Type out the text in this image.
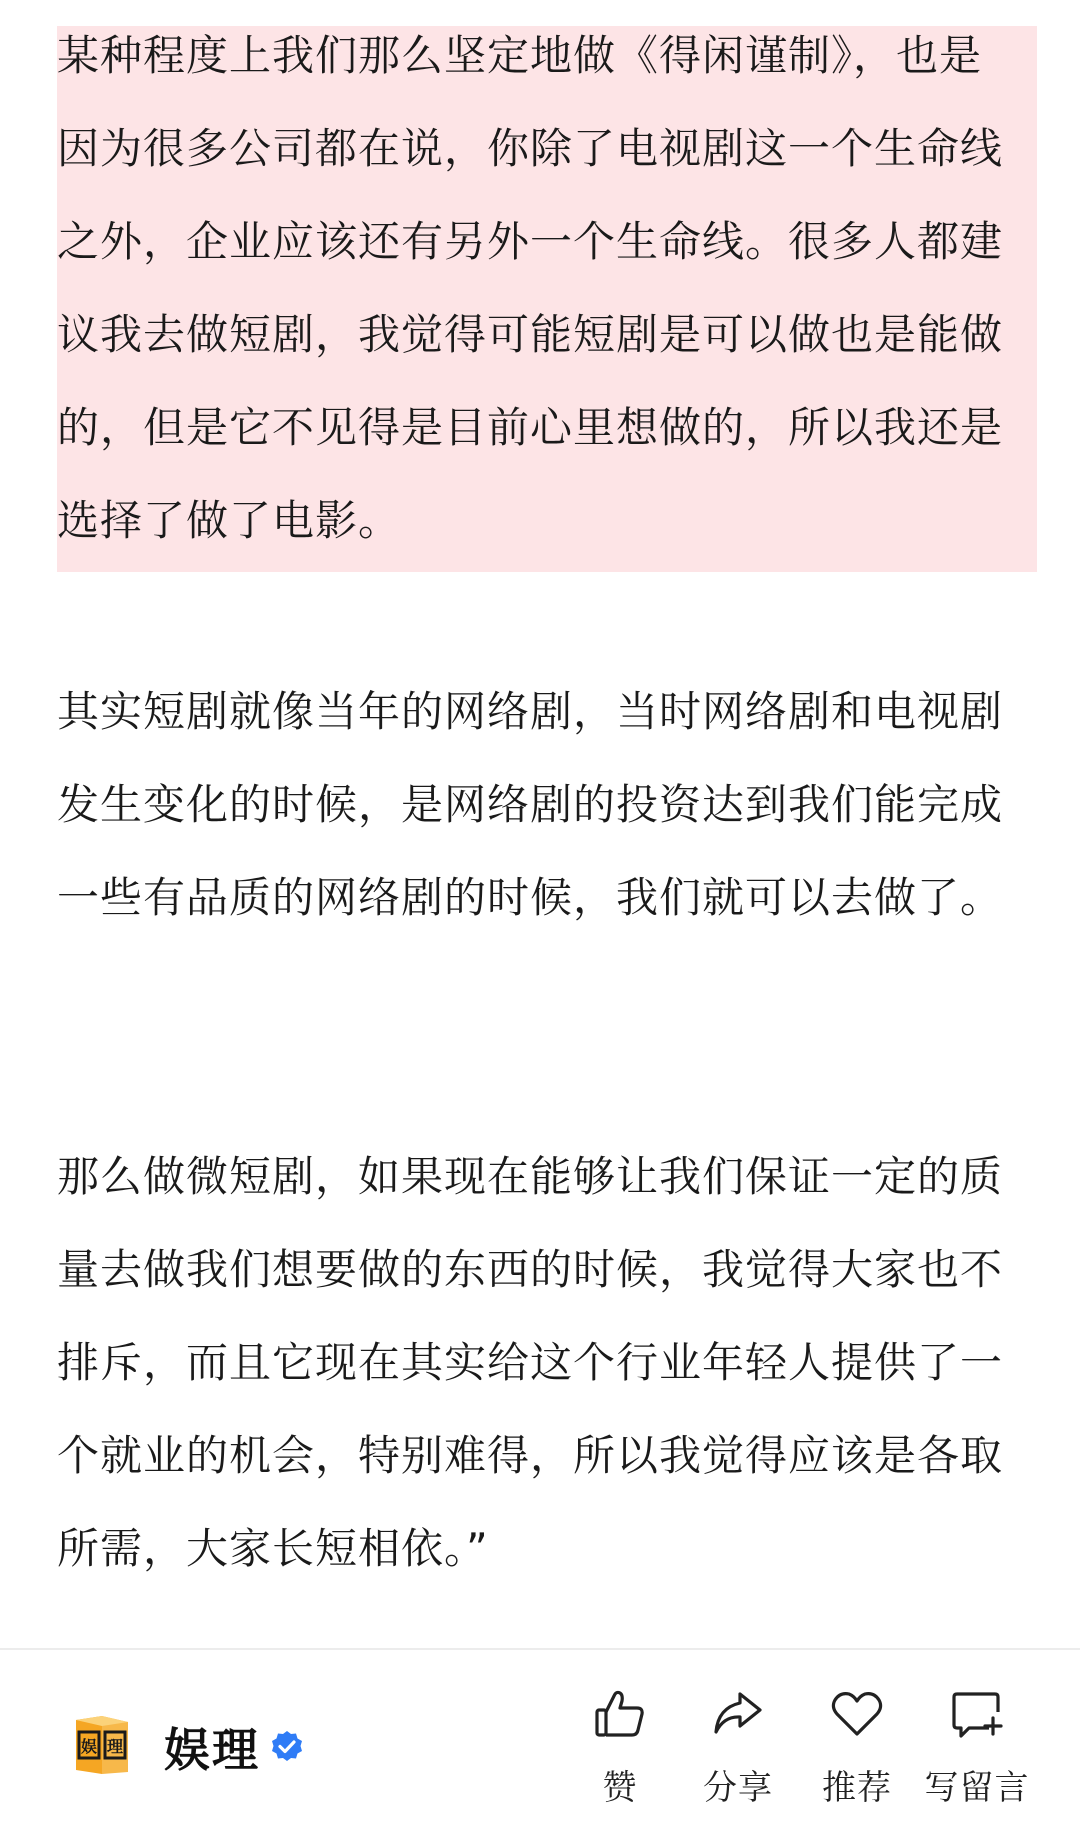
某种程度上我们那么坚定地做《得闲谨制》，也是因为很多公司都在说，你除了电视剧这一个生命线之外，企业应该还有另外一个生命线。很多人都建议我去做短剧，我觉得可能短剧是可以做也是能做的，但是它不见得是目前心里想做的，所以我还是选择了做了电影。

其实短剧就像当年的网络剧，当时网络剧和电视剧发生变化的时候，是网络剧的投资达到我们能完成一些有品质的网络剧的时候，我们就可以去做了。

那么做微短剧，如果现在能够让我们保证一定的质量去做我们想要做的东西的时候，我觉得大家也不排斥，而且它现在其实给这个行业年轻人提供了一个就业的机会，特别难得，所以我觉得应该是各取所需，大家长短相依。”

娱 理 娱理
赞	分享	推荐 写留言
